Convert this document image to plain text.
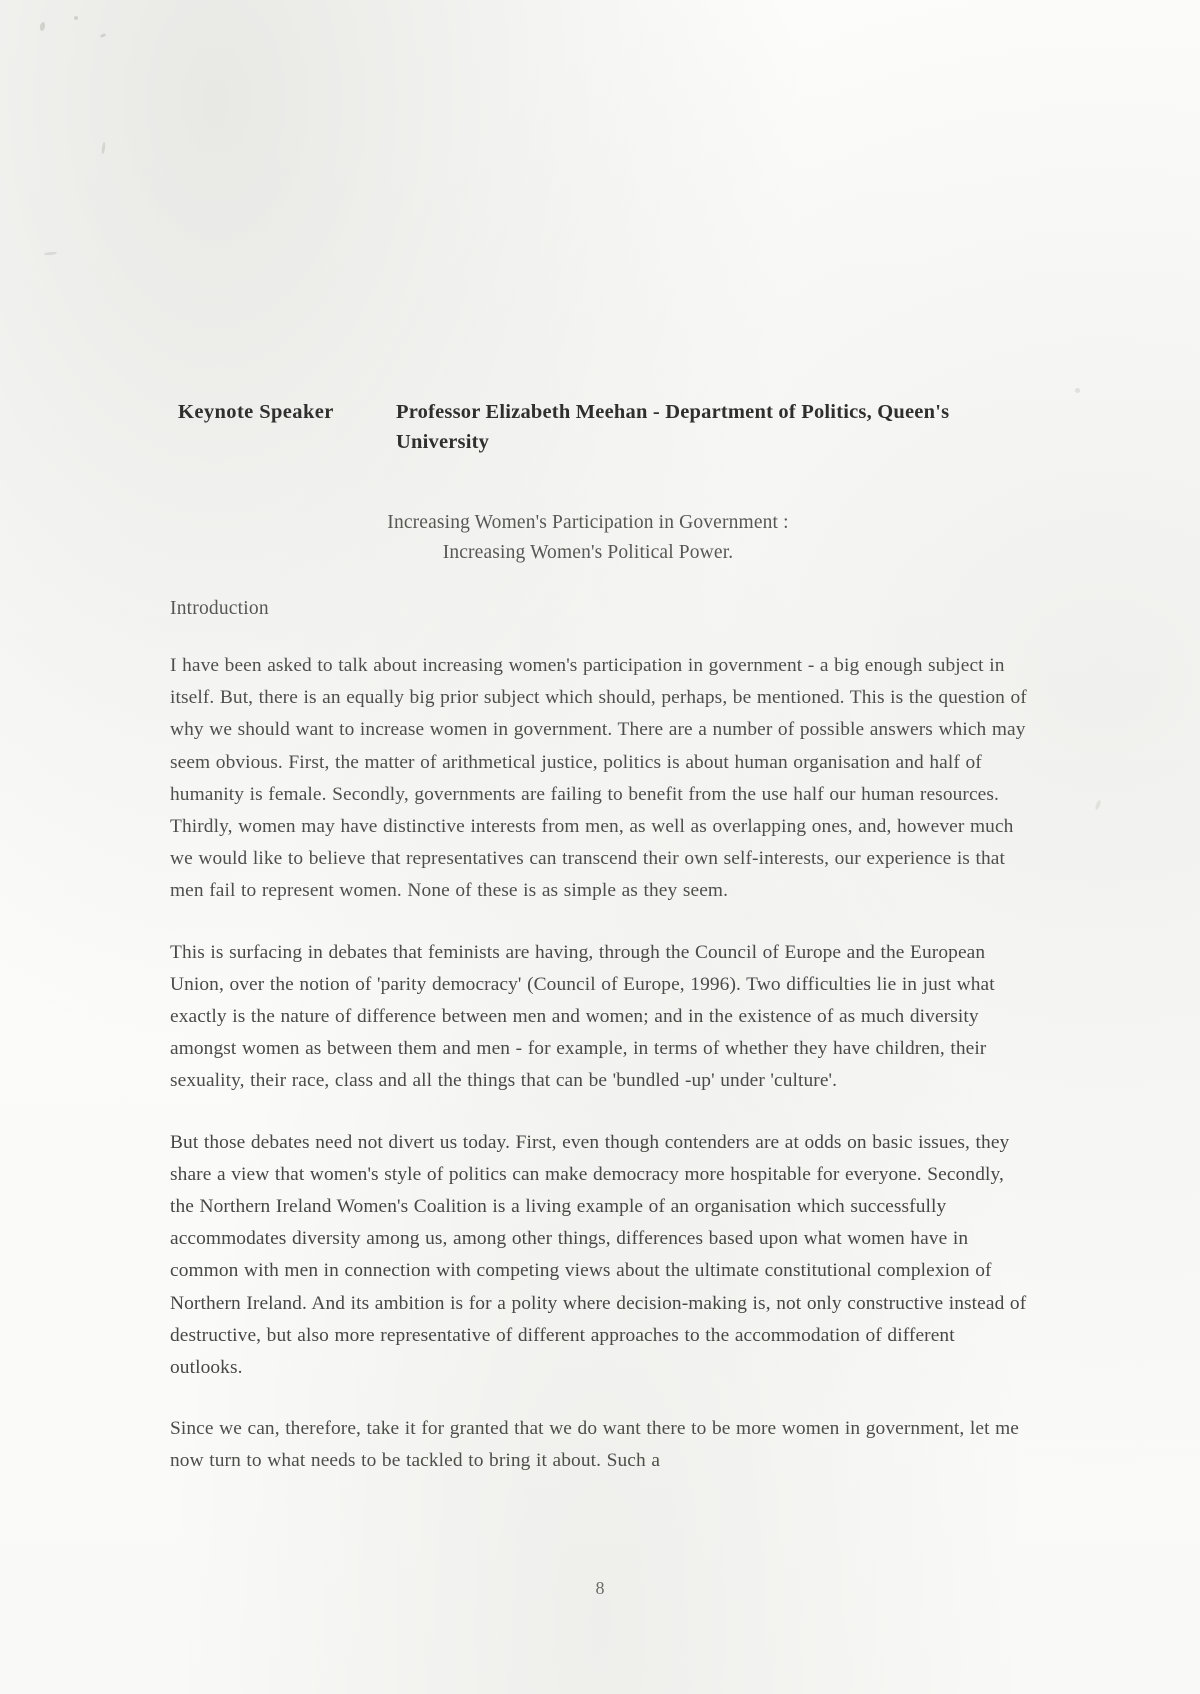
Keynote Speaker	Professor Elizabeth Meehan - Department of Politics, Queen's University
Increasing Women's Participation in Government :
Increasing Women's Political Power.
Introduction

I have been asked to talk about increasing women's participation in government - a big enough subject in itself. But, there is an equally big prior subject which should, perhaps, be mentioned. This is the question of why we should want to increase women in government. There are a number of possible answers which may seem obvious. First, the matter of arithmetical justice, politics is about human organisation and half of humanity is female. Secondly, governments are failing to benefit from the use half our human resources. Thirdly, women may have distinctive interests from men, as well as overlapping ones, and, however much we would like to believe that representatives can transcend their own self-interests, our experience is that men fail to represent women. None of these is as simple as they seem.

This is surfacing in debates that feminists are having, through the Council of Europe and the European Union, over the notion of 'parity democracy' (Council of Europe, 1996). Two difficulties lie in just what exactly is the nature of difference between men and women; and in the existence of as much diversity amongst women as between them and men - for example, in terms of whether they have children, their sexuality, their race, class and all the things that can be 'bundled -up' under 'culture'.

But those debates need not divert us today. First, even though contenders are at odds on basic issues, they share a view that women's style of politics can make democracy more hospitable for everyone. Secondly, the Northern Ireland Women's Coalition is a living example of an organisation which successfully accommodates diversity among us, among other things, differences based upon what women have in common with men in connection with competing views about the ultimate constitutional complexion of Northern Ireland. And its ambition is for a polity where decision-making is, not only constructive instead of destructive, but also more representative of different approaches to the accommodation of different outlooks.

Since we can, therefore, take it for granted that we do want there to be more women in government, let me now turn to what needs to be tackled to bring it about. Such a

8
